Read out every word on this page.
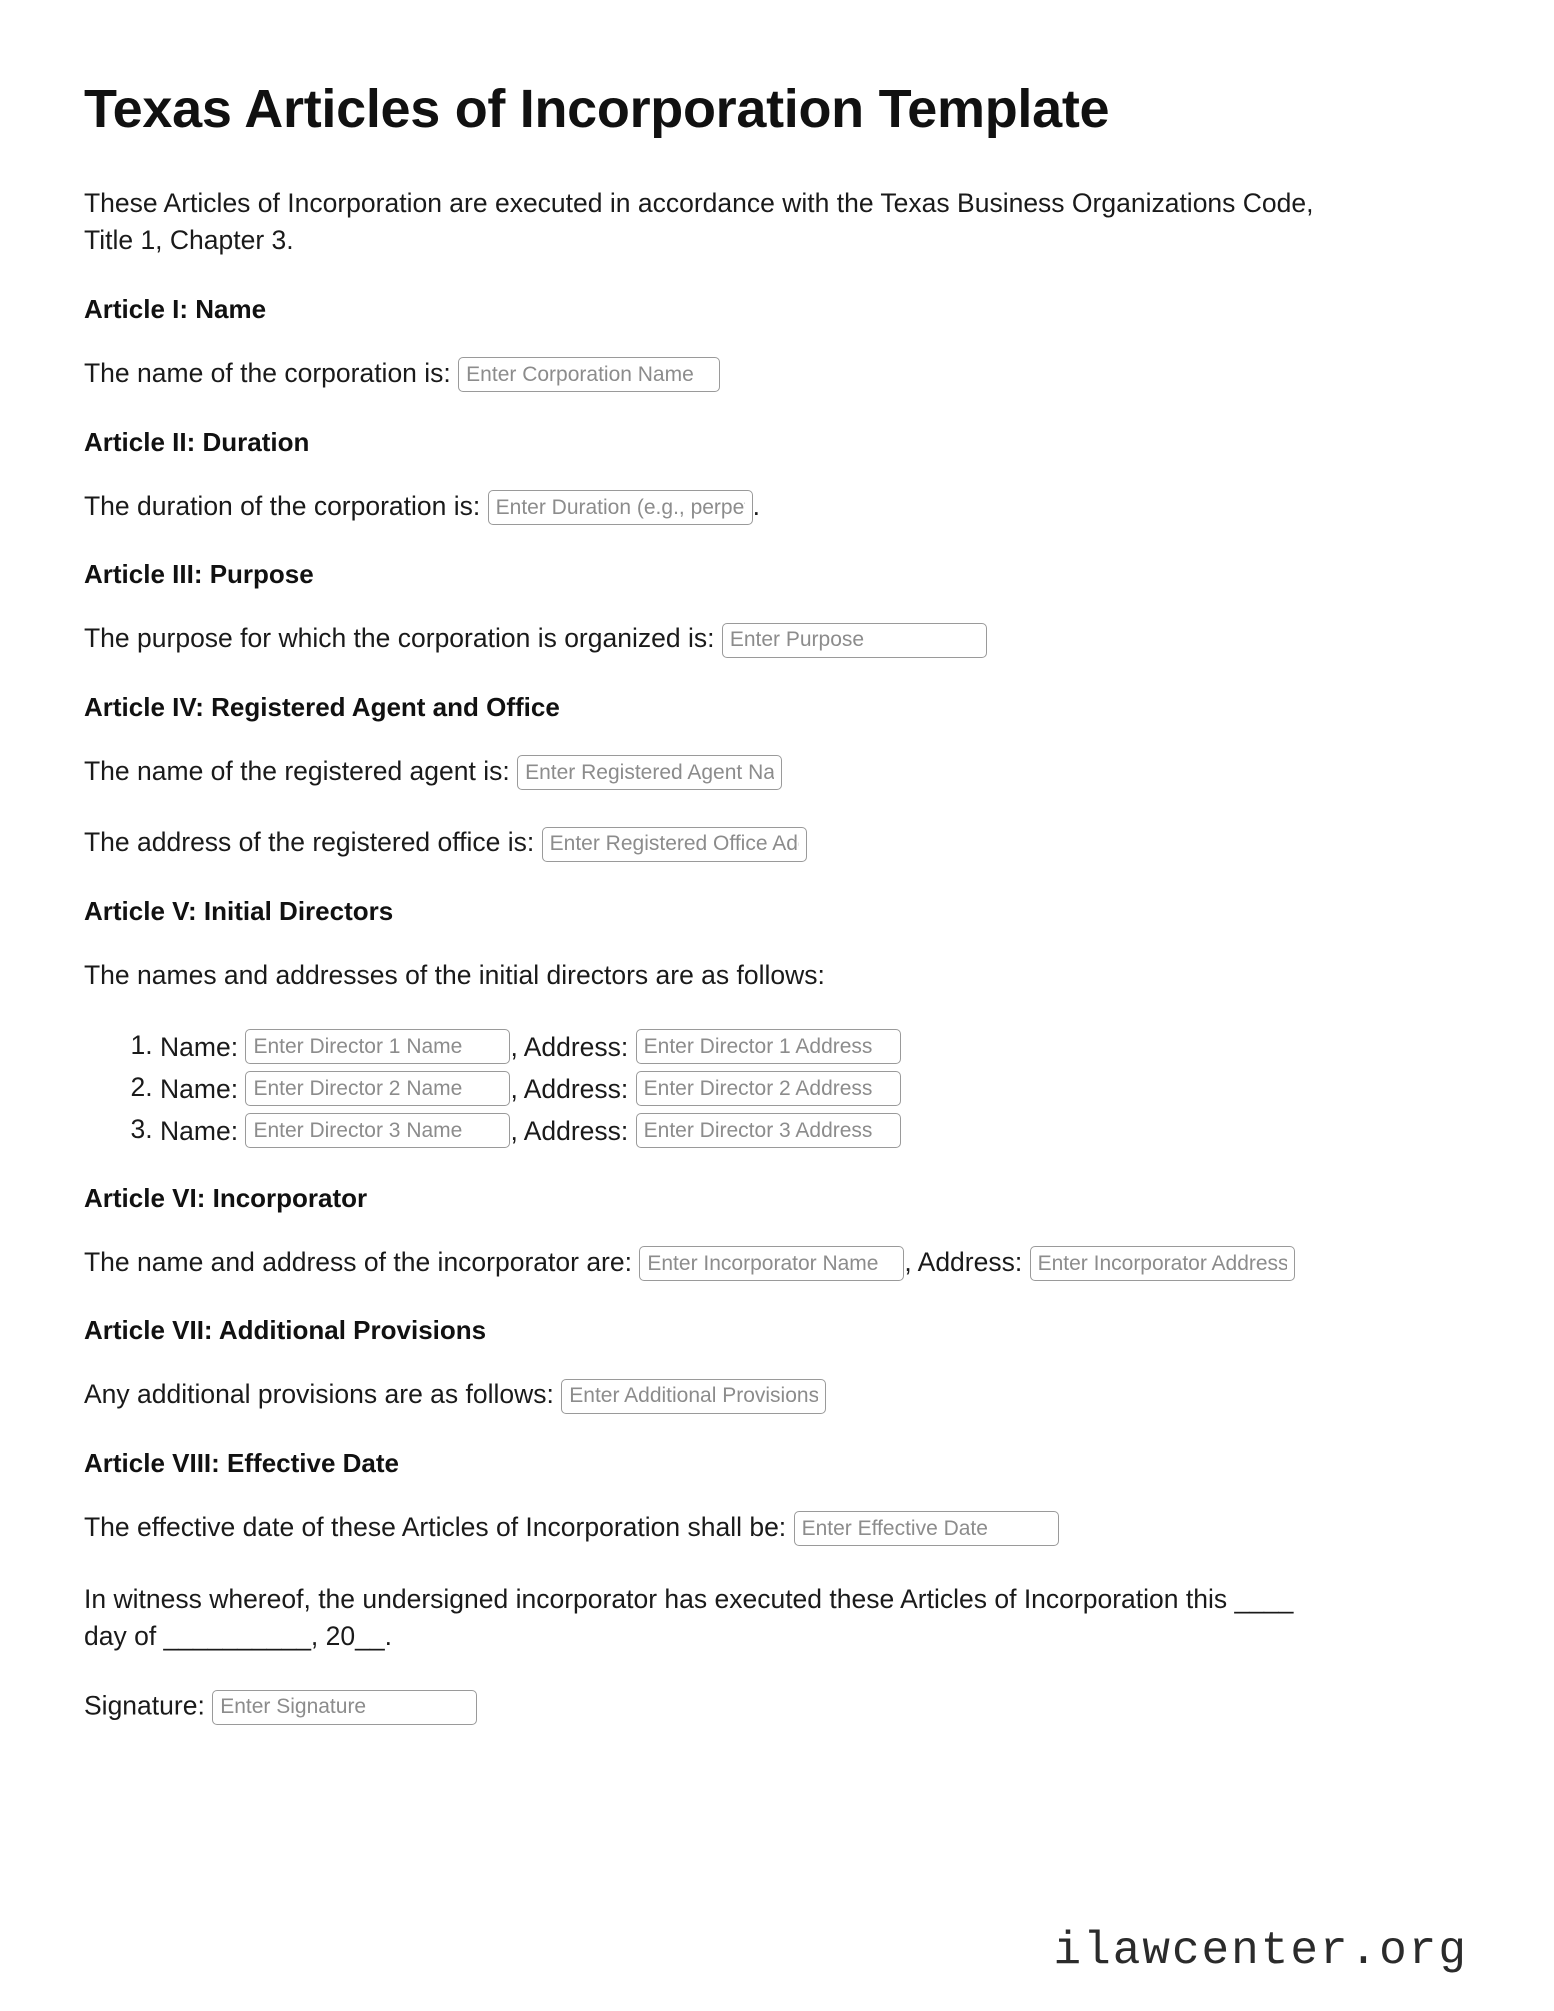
Texas Articles of Incorporation Template

These Articles of Incorporation are executed in accordance with the Texas Business Organizations Code, Title 1, Chapter 3.

Article I: Name
The name of the corporation is: Enter Corporation Name
Article II: Duration
The duration of the corporation is: Enter Duration (e.g., perpetual)	.
Article III: Purpose
The purpose for which the corporation is organized is: Enter Purpose
Article IV: Registered Agent and Office
The name of the registered agent is: Enter Registered Agent Name
The address of the registered office is: Enter Registered Office Address
Article V: Initial Directors
The names and addresses of the initial directors are as follows:
1. Name: Enter Director 1 Name	, Address: Enter Director 1 Address
2. Name: Enter Director 2 Name	, Address: Enter Director 2 Address
3. Name: Enter Director 3 Name	, Address: Enter Director 3 Address
Article VI: Incorporator
The name and address of the incorporator are: Enter Incorporator Name	, Address: Enter Incorporator Address
Article VII: Additional Provisions
Any additional provisions are as follows: Enter Additional Provisions
Article VIII: Effective Date
The effective date of these Articles of Incorporation shall be: Enter Effective Date

In witness whereof, the undersigned incorporator has executed these Articles of Incorporation this ____ day of __________, 20__.

Signature: Enter Signature
ilawcenter.org
